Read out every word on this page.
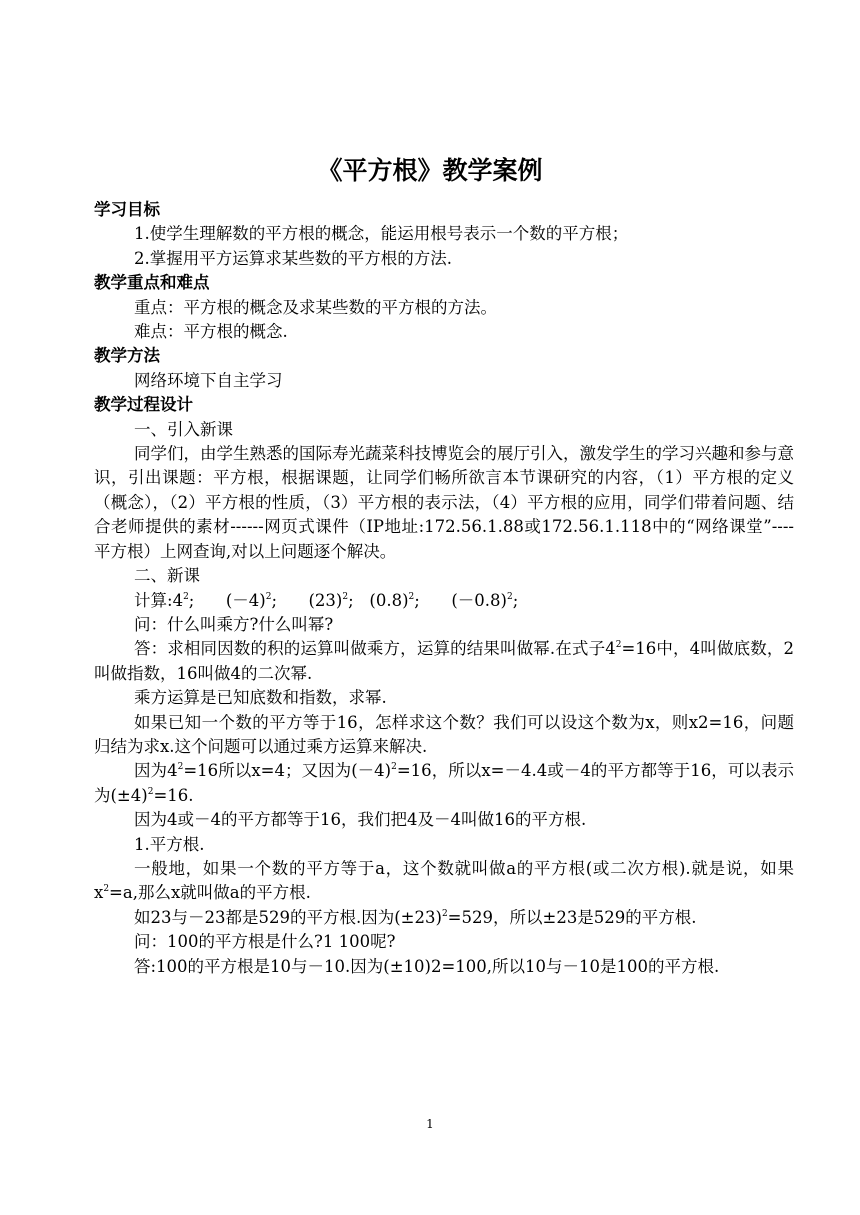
《平方根》教学案例
学习目标
1.使学生理解数的平方根的概念，能运用根号表示一个数的平方根；
2.掌握用平方运算求某些数的平方根的方法.
教学重点和难点
重点：平方根的概念及求某些数的平方根的方法。
难点：平方根的概念.
教学方法
网络环境下自主学习
教学过程设计
一、引入新课
同学们，由学生熟悉的国际寿光蔬菜科技博览会的展厅引入，激发学生的学习兴趣和参与意识，引出课题：平方根，根据课题，让同学们畅所欲言本节课研究的内容，（1）平方根的定义（概念），（2）平方根的性质，（3）平方根的表示法，（4）平方根的应用，同学们带着问题、结合老师提供的素材------网页式课件（IP地址:172.56.1.88或172.56.1.118中的“网络课堂”----平方根）上网查询,对以上问题逐个解决。
二、新课
计算$:4^2$; $(-4)^2$; $(23)^2$; $(0.8)^2$; $(-0.8)^2$;
问：什么叫乘方?什么叫幂?
答：求相同因数的积的运算叫做乘方，运算的结果叫做幂.在式子$4^2=16$中，4叫做底数，2叫做指数，16叫做4的二次幂.
乘方运算是已知底数和指数，求幂.
如果已知一个数的平方等于16，怎样求这个数？我们可以设这个数为x，则x2=16，问题归结为求x.这个问题可以通过乘方运算来解决.
因为$4^2=16$所以x=4；又因为$(-4)^2=16$，所以x=－4.4或－4的平方都等于16，可以表示为$(\pm 4)^2=16$.
因为4或－4的平方都等于16，我们把4及－4叫做16的平方根.
1.平方根.
一般地，如果一个数的平方等于a，这个数就叫做a的平方根(或二次方根).就是说，如果$x^2=a$,那么x就叫做a的平方根.
如23与－23都是529的平方根.因为$(\pm 23)^2=529$，所以±23是529的平方根.
问：100的平方根是什么?1 100呢?
答:100的平方根是10与－10.因为(±10)2=100,所以10与－10是100的平方根.
1
